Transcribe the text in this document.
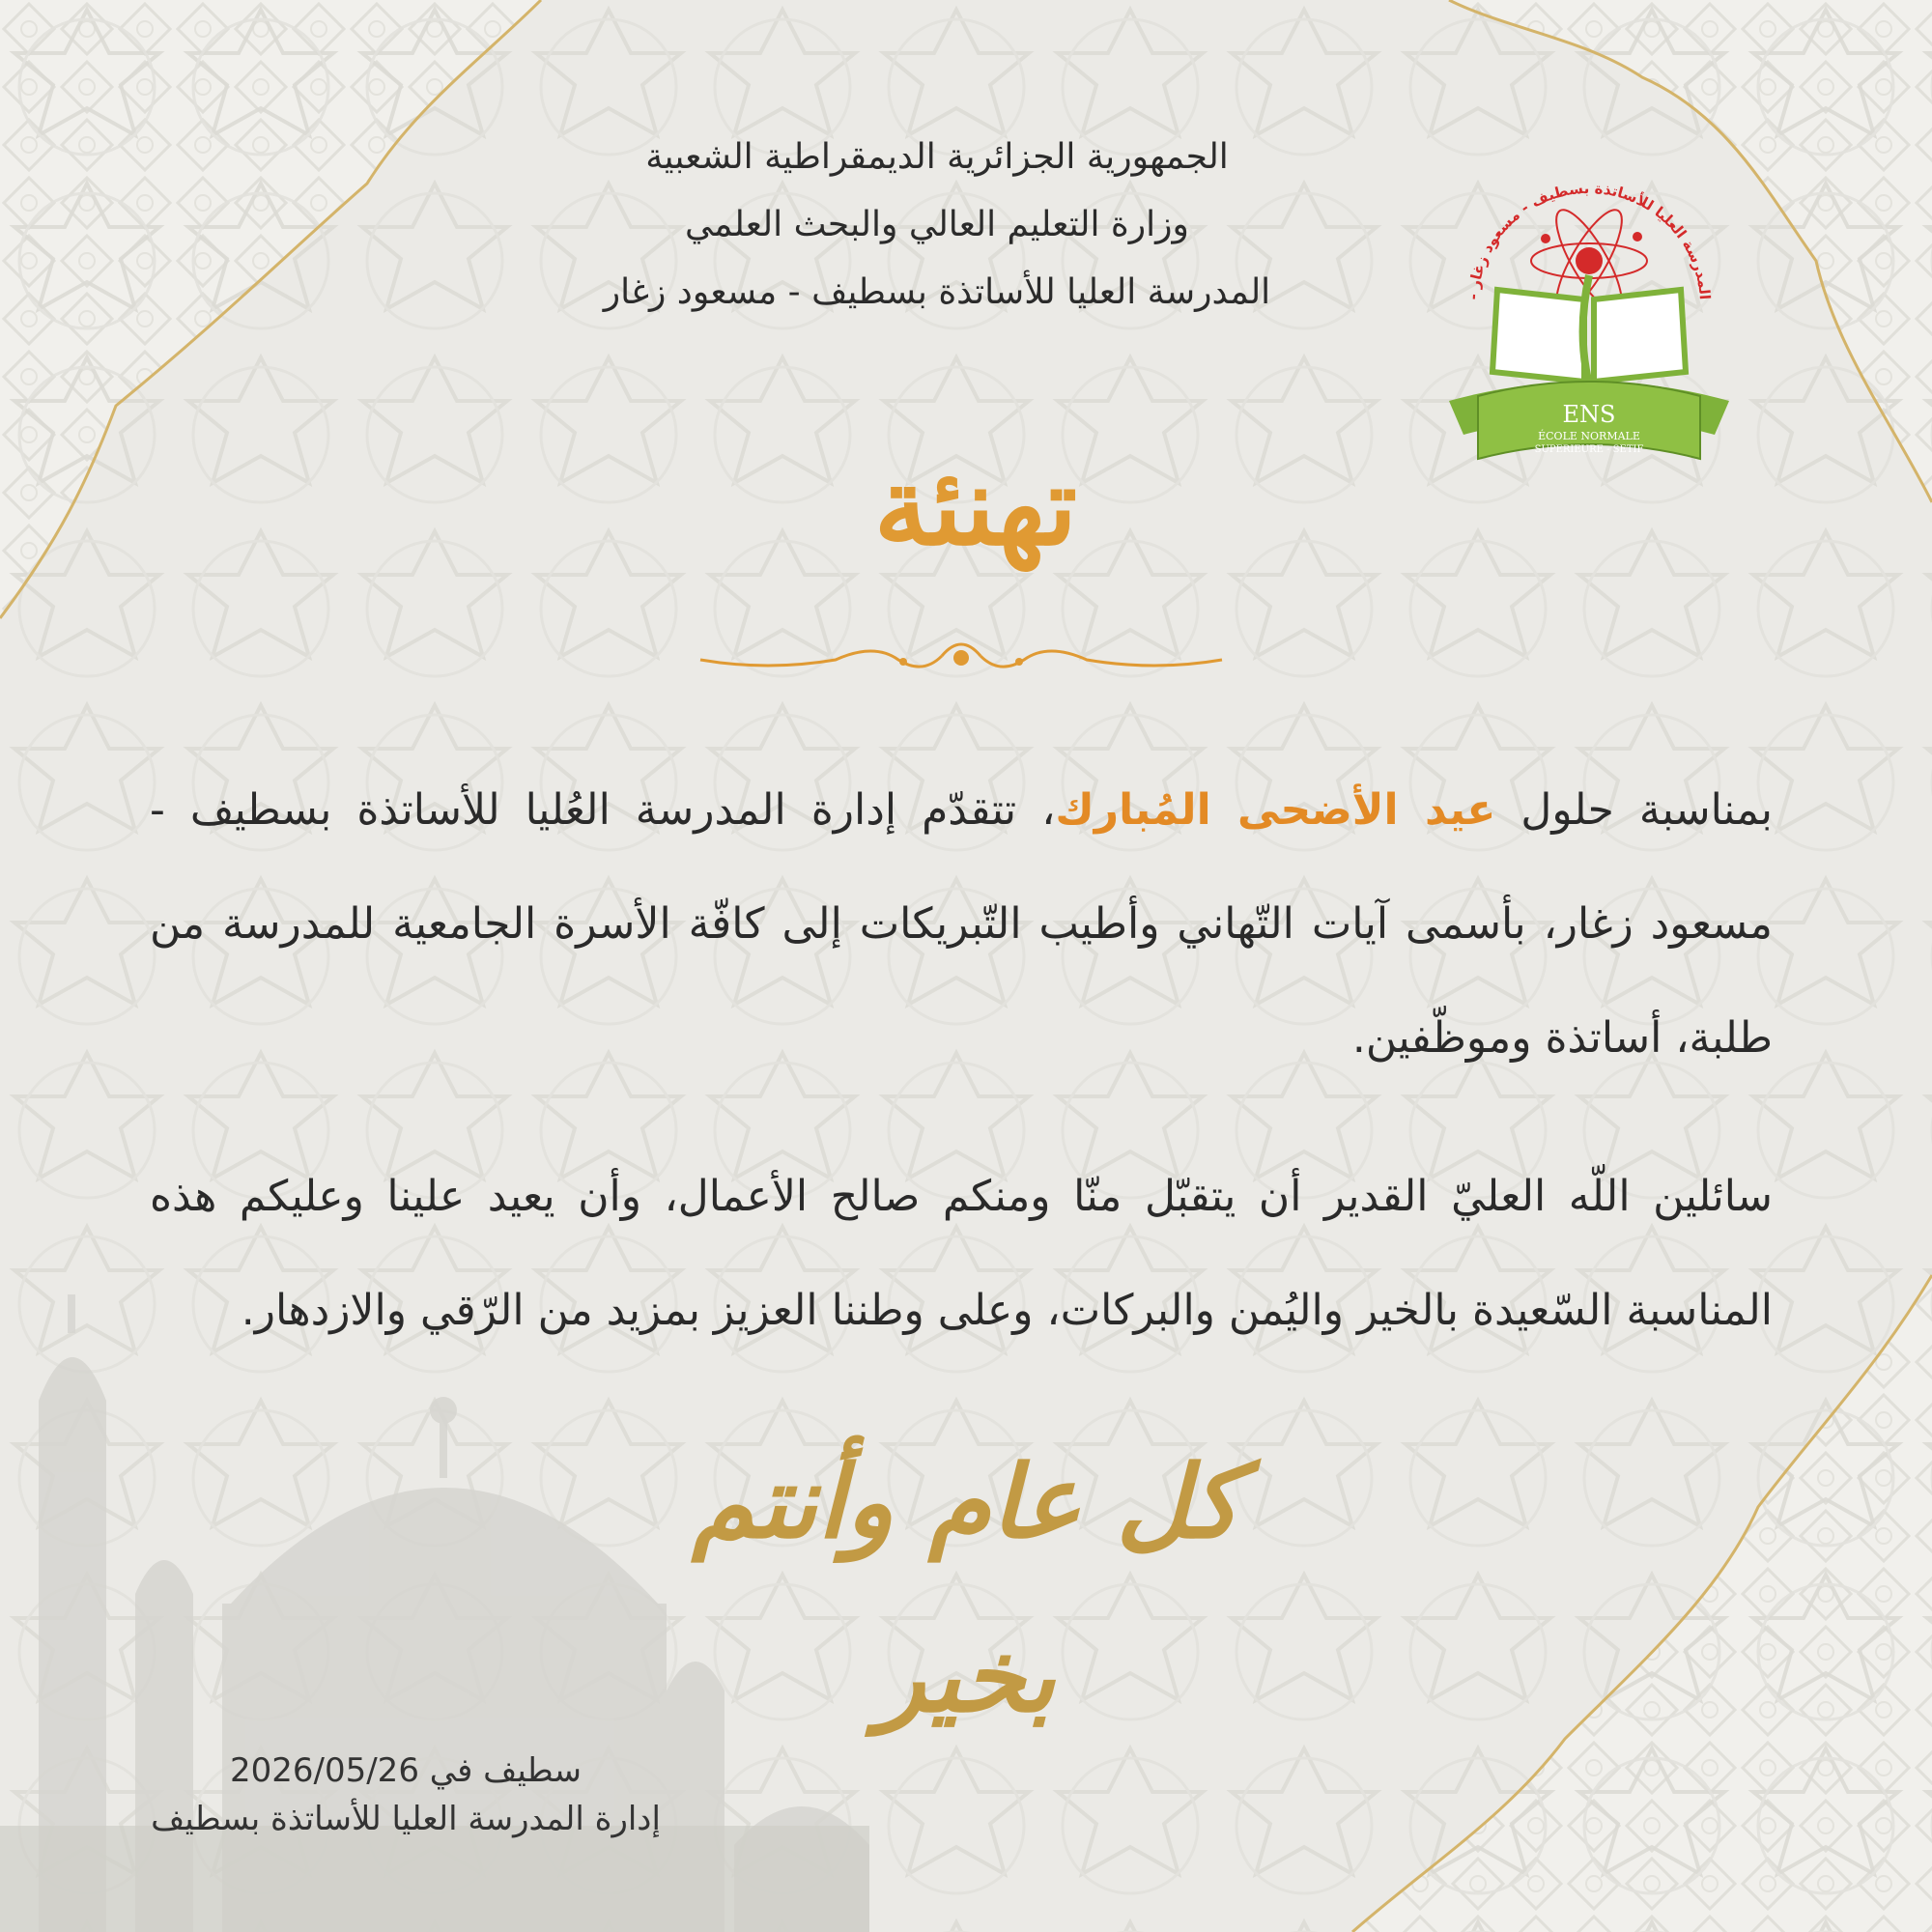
الجمهورية الجزائرية الديمقراطية الشعبية
وزارة التعليم العالي والبحث العلمي
المدرسة العليا للأساتذة بسطيف - مسعود زغار	المدرسة العليا للأساتذة بسطيف - مسعود زغار -
ENS
ÉCOLE NORMALE
SUPERIEURE - SETIF
تهنئة
بمناسبة حلول عيد الأضحى المُبارك، تتقدّم إدارة المدرسة العُليا للأساتذة بسطيف - مسعود زغار، بأسمى آيات التّهاني وأطيب التّبريكات إلى كافّة الأسرة الجامعية للمدرسة من طلبة، أساتذة وموظّفين.
سائلين اللّه العليّ القدير أن يتقبّل منّا ومنكم صالح الأعمال، وأن يعيد علينا وعليكم هذه المناسبة السّعيدة بالخير واليُمن والبركات، وعلى وطننا العزيز بمزيد من الرّقي والازدهار.
كل عام وأنتم بخير
سطيف في 2026/05/26
إدارة المدرسة العليا للأساتذة بسطيف
